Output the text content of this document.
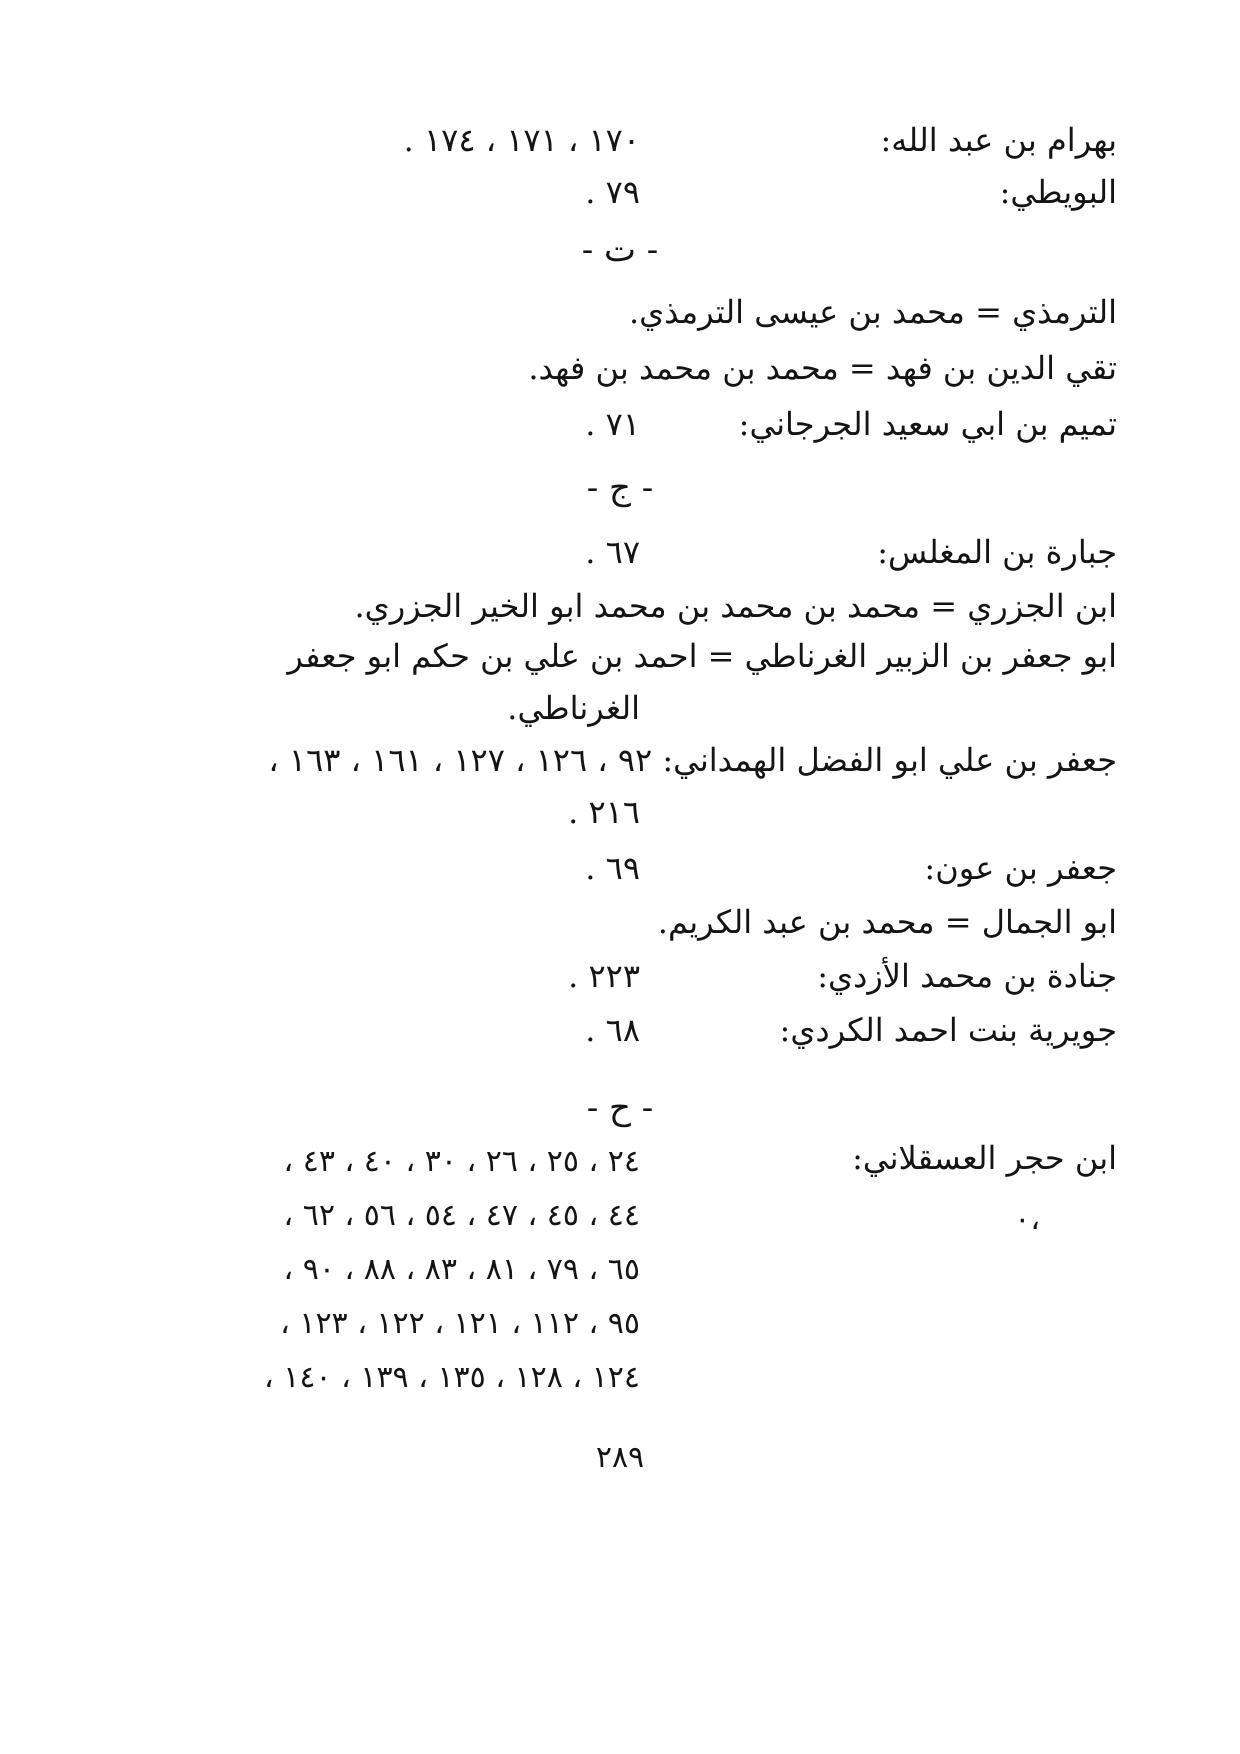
بهرام بن عبد الله:
١٧٠ ، ١٧١ ، ١٧٤ .
البويطي:
٧٩ .
- ت -
الترمذي = محمد بن عيسى الترمذي.
تقي الدين بن فهد = محمد بن محمد بن فهد.
تميم بن ابي سعيد الجرجاني:
٧١ .
- ج -
جبارة بن المغلس:
٦٧ .
ابن الجزري = محمد بن محمد بن محمد ابو الخير الجزري.
ابو جعفر بن الزبير الغرناطي = احمد بن علي بن حكم ابو جعفر
الغرناطي.
جعفر بن علي ابو الفضل الهمداني: ٩٢ ، ١٢٦ ، ١٢٧ ، ١٦١ ، ١٦٣ ،
٢١٦ .
جعفر بن عون:
٦٩ .
ابو الجمال = محمد بن عبد الكريم.
جنادة بن محمد الأزدي:
٢٢٣ .
جويرية بنت احمد الكردي:
٦٨ .
- ح -
ابن حجر العسقلاني:
٢٤ ، ٢٥ ، ٢٦ ، ٣٠ ، ٤٠ ، ٤٣ ،
٤٤ ، ٤٥ ، ٤٧ ، ٥٤ ، ٥٦ ، ٦٢ ،
٦٥ ، ٧٩ ، ٨١ ، ٨٣ ، ٨٨ ، ٩٠ ،
٩٥ ، ١١٢ ، ١٢١ ، ١٢٢ ، ١٢٣ ،
١٢٤ ، ١٢٨ ، ١٣٥ ، ١٣٩ ، ١٤٠ ،
٠،
٢٨٩
